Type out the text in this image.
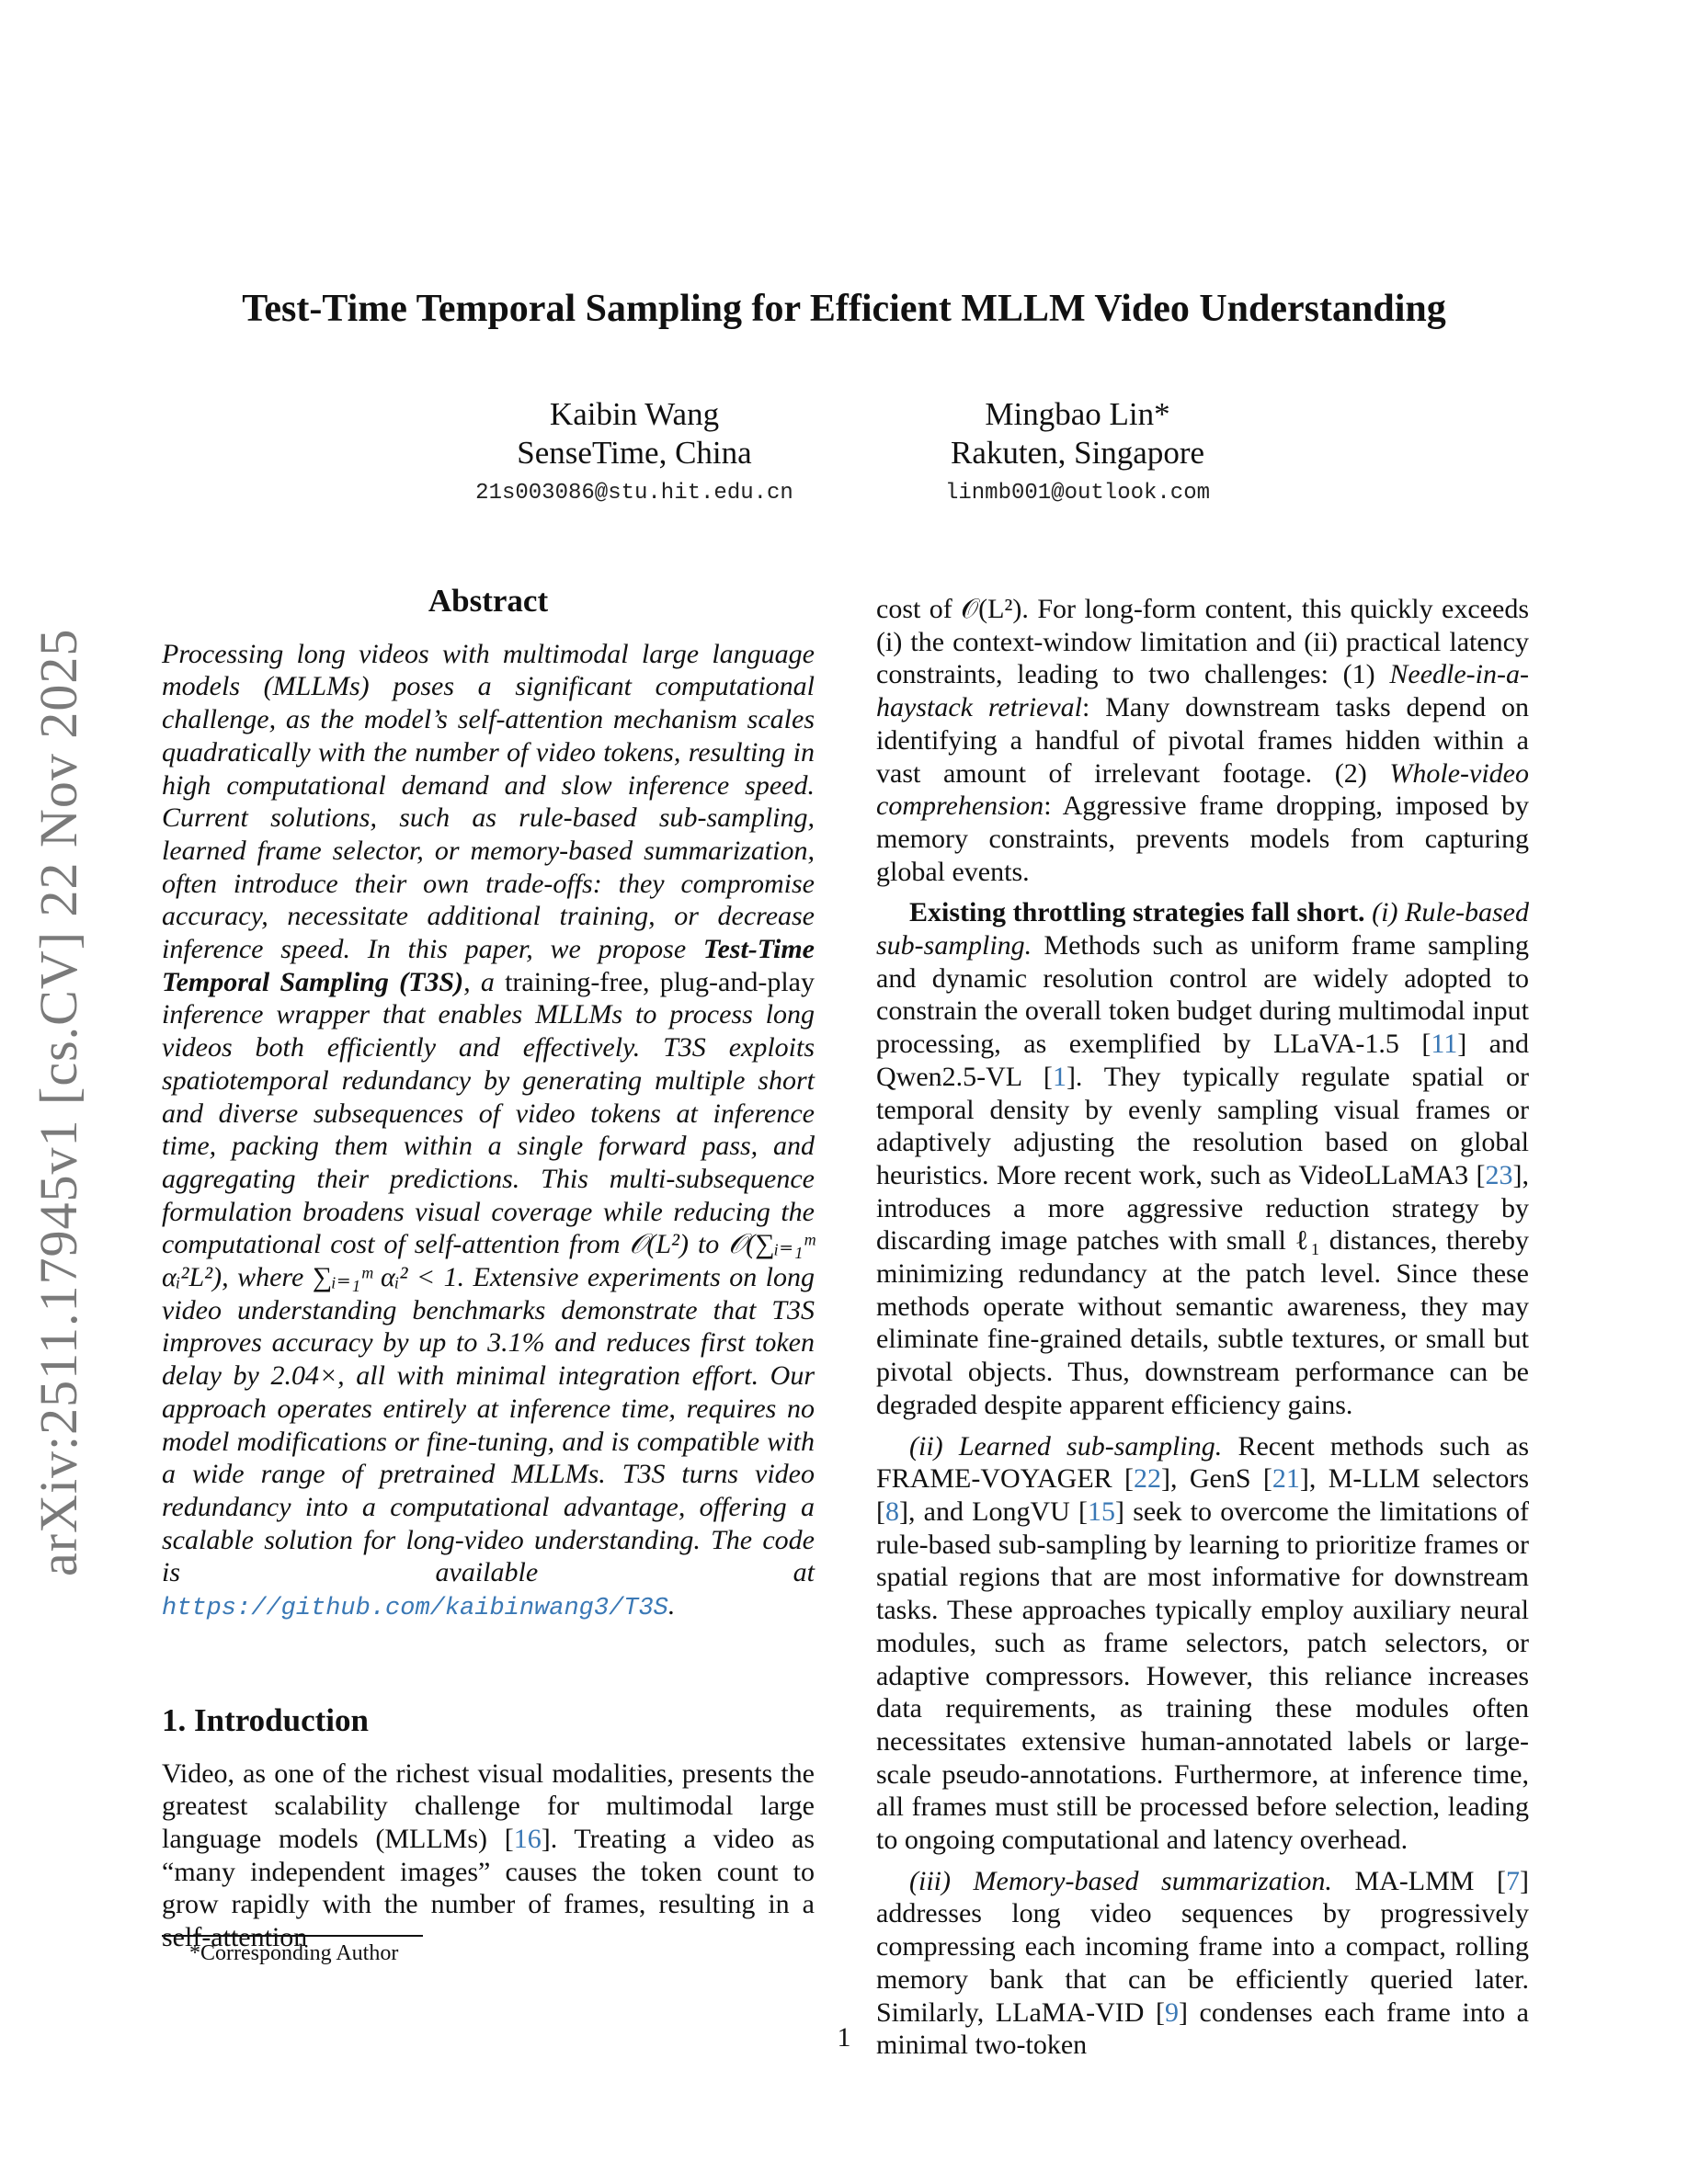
arXiv:2511.17945v1 [cs.CV] 22 Nov 2025
Test-Time Temporal Sampling for Efficient MLLM Video Understanding
Kaibin Wang
SenseTime, China
21s003086@stu.hit.edu.cn
Mingbao Lin*
Rakuten, Singapore
linmb001@outlook.com
Abstract

Processing long videos with multimodal large language models (MLLMs) poses a significant computational challenge, as the model’s self-attention mechanism scales quadratically with the number of video tokens, resulting in high computational demand and slow inference speed. Current solutions, such as rule-based sub-sampling, learned frame selector, or memory-based summarization, often introduce their own trade-offs: they compromise accuracy, necessitate additional training, or decrease inference speed. In this paper, we propose Test-Time Temporal Sampling (T3S), a training-free, plug-and-play inference wrapper that enables MLLMs to process long videos both efficiently and effectively. T3S exploits spatiotemporal redundancy by generating multiple short and diverse subsequences of video tokens at inference time, packing them within a single forward pass, and aggregating their predictions. This multi-subsequence formulation broadens visual coverage while reducing the computational cost of self-attention from 𝒪(L²) to 𝒪(∑ᵢ₌₁ᵐ αᵢ²L²), where ∑ᵢ₌₁ᵐ αᵢ² < 1. Extensive experiments on long video understanding benchmarks demonstrate that T3S improves accuracy by up to 3.1% and reduces first token delay by 2.04×, all with minimal integration effort. Our approach operates entirely at inference time, requires no model modifications or fine-tuning, and is compatible with a wide range of pretrained MLLMs. T3S turns video redundancy into a computational advantage, offering a scalable solution for long-video understanding. The code is available at https://github.com/kaibinwang3/T3S.

1. Introduction

Video, as one of the richest visual modalities, presents the greatest scalability challenge for multimodal large language models (MLLMs) [16]. Treating a video as “many independent images” causes the token count to grow rapidly with the number of frames, resulting in a self-attention

cost of 𝒪(L²). For long-form content, this quickly exceeds (i) the context-window limitation and (ii) practical latency constraints, leading to two challenges: (1) Needle-in-a-haystack retrieval: Many downstream tasks depend on identifying a handful of pivotal frames hidden within a vast amount of irrelevant footage. (2) Whole-video comprehension: Aggressive frame dropping, imposed by memory constraints, prevents models from capturing global events.

Existing throttling strategies fall short. (i) Rule-based sub-sampling. Methods such as uniform frame sampling and dynamic resolution control are widely adopted to constrain the overall token budget during multimodal input processing, as exemplified by LLaVA-1.5 [11] and Qwen2.5-VL [1]. They typically regulate spatial or temporal density by evenly sampling visual frames or adaptively adjusting the resolution based on global heuristics. More recent work, such as VideoLLaMA3 [23], introduces a more aggressive reduction strategy by discarding image patches with small ℓ₁ distances, thereby minimizing redundancy at the patch level. Since these methods operate without semantic awareness, they may eliminate fine-grained details, subtle textures, or small but pivotal objects. Thus, downstream performance can be degraded despite apparent efficiency gains.

(ii) Learned sub-sampling. Recent methods such as FRAME-VOYAGER [22], GenS [21], M-LLM selectors [8], and LongVU [15] seek to overcome the limitations of rule-based sub-sampling by learning to prioritize frames or spatial regions that are most informative for downstream tasks. These approaches typically employ auxiliary neural modules, such as frame selectors, patch selectors, or adaptive compressors. However, this reliance increases data requirements, as training these modules often necessitates extensive human-annotated labels or large-scale pseudo-annotations. Furthermore, at inference time, all frames must still be processed before selection, leading to ongoing computational and latency overhead.

(iii) Memory-based summarization. MA-LMM [7] addresses long video sequences by progressively compressing each incoming frame into a compact, rolling memory bank that can be efficiently queried later. Similarly, LLaMA-VID [9] condenses each frame into a minimal two-token

*Corresponding Author
1
